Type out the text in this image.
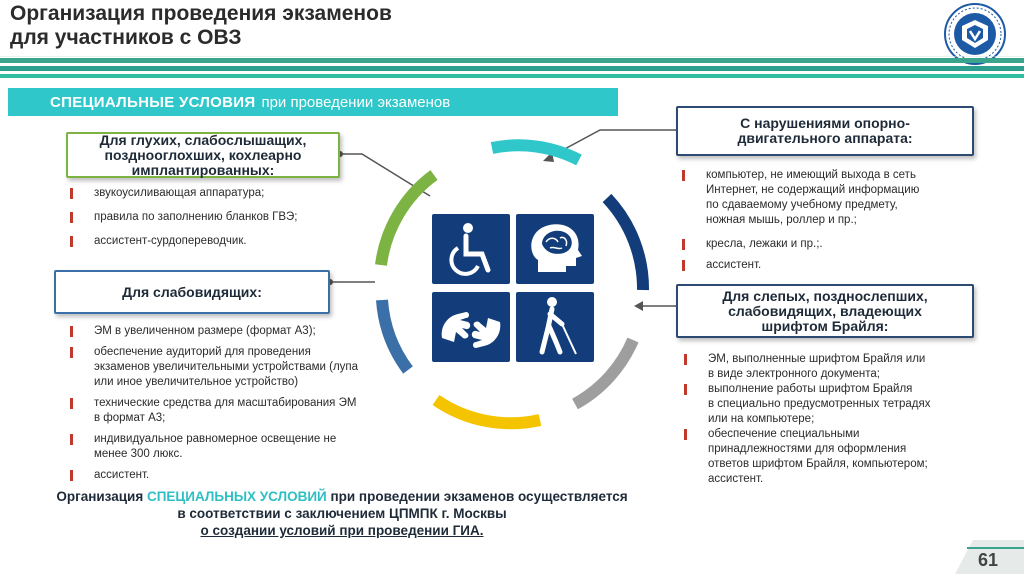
Организация проведения экзаменов
для участников с ОВЗ
СПЕЦИАЛЬНЫЕ УСЛОВИЯ при проведении экзаменов
Для глухих, слабослышащих, позднооглохших, кохлеарно имплантированных:
звукоусиливающая аппаратура;
правила по заполнению бланков ГВЭ;
ассистент-сурдопереводчик.
Для слабовидящих:
ЭМ в увеличенном размере (формат А3);
обеспечение аудиторий для проведения
экзаменов увеличительными устройствами (лупа
или иное увеличительное устройство)
технические средства для масштабирования ЭМ
в формат А3;
индивидуальное равномерное освещение не
менее 300 люкс.
ассистент.
С нарушениями опорно-двигательного аппарата:
компьютер, не имеющий выхода в сеть
Интернет, не содержащий информацию
по сдаваемому учебному предмету,
ножная мышь, роллер и пр.;
кресла, лежаки и пр.;.
ассистент.
Для слепых, позднослепших, слабовидящих, владеющих шрифтом Брайля:
ЭМ, выполненные шрифтом Брайля или
в виде электронного документа;
выполнение работы шрифтом Брайля
в специально предусмотренных тетрадях
или на компьютере;
обеспечение специальными
принадлежностями для оформления
ответов шрифтом Брайля, компьютером;
ассистент.
Организация СПЕЦИАЛЬНЫХ УСЛОВИЙ при проведении экзаменов осуществляется
в соответствии с заключением ЦПМПК г. Москвы
о создании условий при проведении ГИА.
61
